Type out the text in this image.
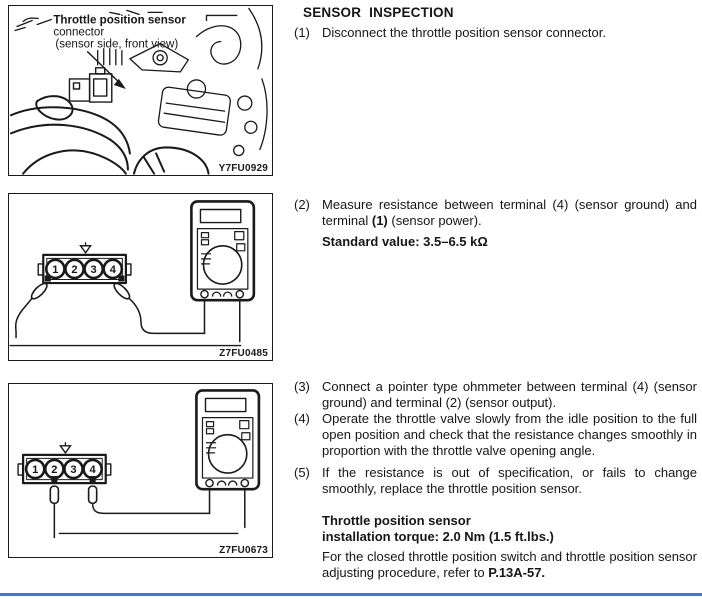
Throttle position sensor
connector
(sensor side, front view)
Y7FU0929
1 2 3 4
Z7FU0485
1 2 3 4
Z7FU0673
SENSOR INSPECTION
(1) Disconnect the throttle position sensor connector.
(2) Measure resistance between terminal (4) (sensor ground) and terminal (1) (sensor power).
Standard value: 3.5–6.5 kΩ
(3) Connect a pointer type ohmmeter between terminal (4) (sensor ground) and terminal (2) (sensor output).
(4) Operate the throttle valve slowly from the idle position to the full open position and check that the resistance changes smoothly in proportion with the throttle valve opening angle.
(5) If the resistance is out of specification, or fails to change smoothly, replace the throttle position sensor.
Throttle position sensor
installation torque: 2.0 Nm (1.5 ft.lbs.)
For the closed throttle position switch and throttle position sensor adjusting procedure, refer to P.13A-57.
